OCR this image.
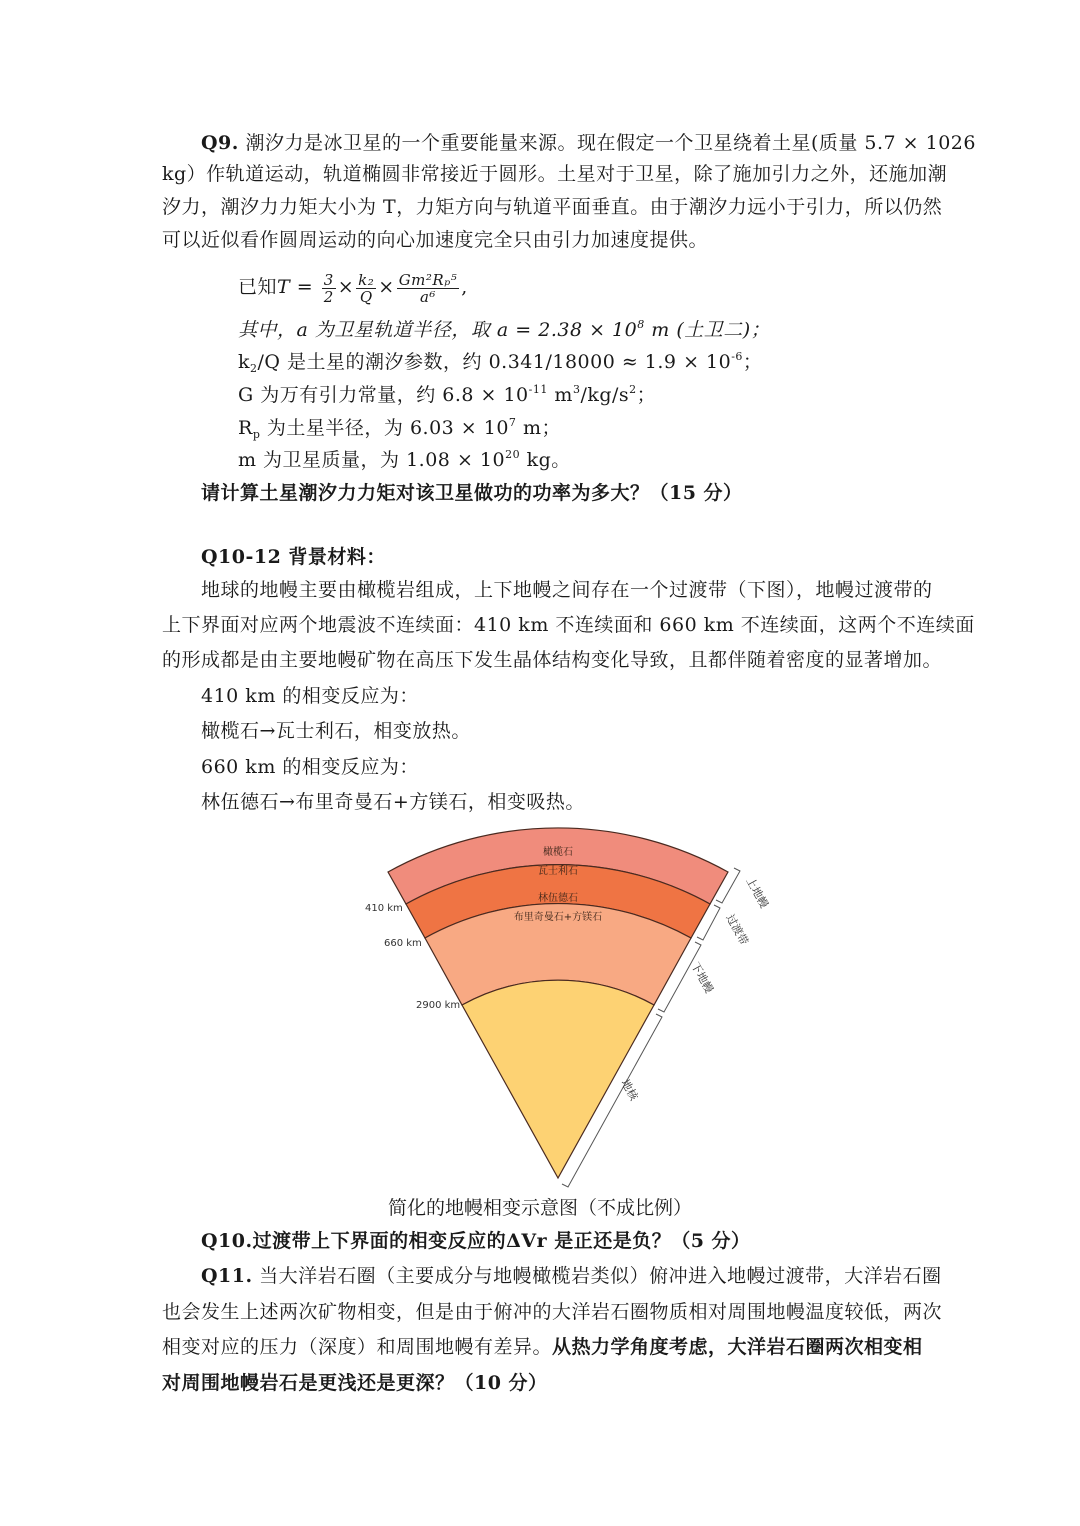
Q9. 潮汐力是冰卫星的一个重要能量来源。现在假定一个卫星绕着土星(质量 5.7 × 1026
kg）作轨道运动，轨道椭圆非常接近于圆形。土星对于卫星，除了施加引力之外，还施加潮
汐力，潮汐力力矩大小为 T，力矩方向与轨道平面垂直。由于潮汐力远小于引力，所以仍然
可以近似看作圆周运动的向心加速度完全只由引力加速度提供。
已知$T = \frac{3}{2} \times \frac{\text{k₂}}{Q} \times \frac{\text{Gm²Rₚ⁵}}{\text{a⁶}}$ ,
其中，a 为卫星轨道半径，取 $a = 2.38 \times 10^8$ m (土卫二)；
$k_2/Q$ 是土星的潮汐参数，约 $0.341/18000 \approx 1.9 \times 10^{-6}$；
G 为万有引力常量，约 $6.8 \times 10^{-11}$ $m^3/kg/s^2$；
$R_p$ 为土星半径，为 $6.03 \times 10^7$ m；
m 为卫星质量，为 $1.08 \times 10^{20}$ kg。
请计算土星潮汐力力矩对该卫星做功的功率为多大？（15 分）
Q10-12 背景材料：
地球的地幔主要由橄榄岩组成，上下地幔之间存在一个过渡带（下图），地幔过渡带的
上下界面对应两个地震波不连续面：410 km 不连续面和 660 km 不连续面，这两个不连续面
的形成都是由主要地幔矿物在高压下发生晶体结构变化导致，且都伴随着密度的显著增加。
410 km 的相变反应为：
橄榄石→瓦士利石，相变放热。
660 km 的相变反应为：
林伍德石→布里奇曼石+方镁石，相变吸热。
橄榄石
瓦士利石
林伍德石
布里奇曼石+方镁石
410 km
660 km
2900 km
上地幔
过渡带
下地幔
地核
简化的地幔相变示意图（不成比例）
Q10.过渡带上下界面的相变反应的ΔVr 是正还是负？（5 分）
Q11. 当大洋岩石圈（主要成分与地幔橄榄岩类似）俯冲进入地幔过渡带，大洋岩石圈
也会发生上述两次矿物相变，但是由于俯冲的大洋岩石圈物质相对周围地幔温度较低，两次
相变对应的压力（深度）和周围地幔有差异。从热力学角度考虑，大洋岩石圈两次相变相
对周围地幔岩石是更浅还是更深？（10 分）
